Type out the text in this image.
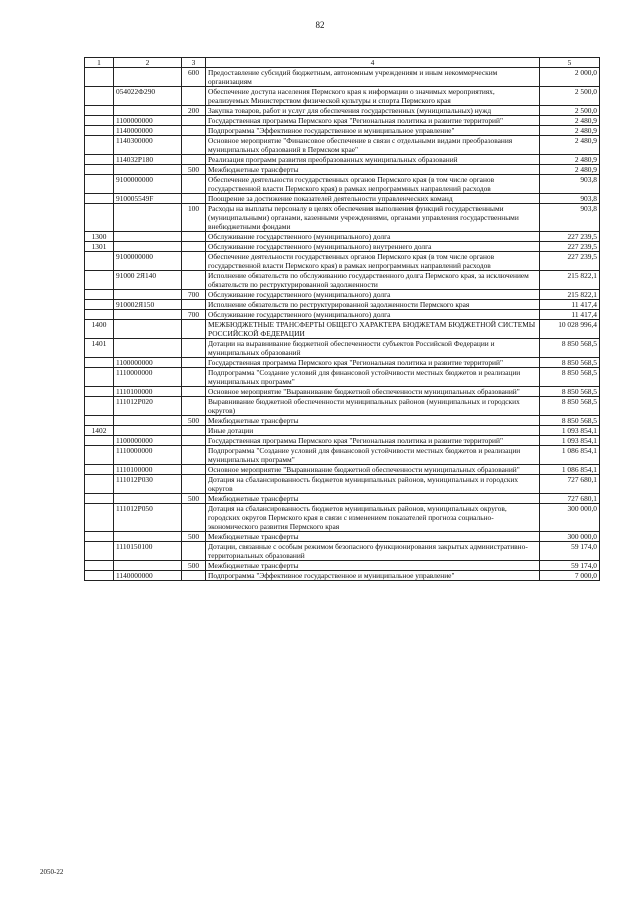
82
1	2	3	4	5
		600	Предоставление субсидий бюджетным, автономным учреждениям и иным некоммерческим организациям	2 000,0
	054022Ф290		Обеспечение доступа населения Пермского края к информации о значимых мероприятиях, реализуемых Министерством физической культуры и спорта Пермского края	2 500,0
		200	Закупка товаров, работ и услуг для обеспечения государственных (муниципальных) нужд	2 500,0
	1100000000		Государственная программа Пермского края "Региональная политика и развитие территорий"	2 480,9
	1140000000		Подпрограмма "Эффективное государственное и муниципальное управление"	2 480,9
	1140300000		Основное мероприятие "Финансовое обеспечение в связи с отдельными видами преобразования муниципальных образований в Пермском крае"	2 480,9
	114032Р180		Реализация программ развития преобразованных муниципальных образований	2 480,9
		500	Межбюджетные трансферты	2 480,9
	9100000000		Обеспечение деятельности государственных органов Пермского края (в том числе органов государственной власти Пермского края) в рамках непрограммных направлений расходов	903,8
	910005549F		Поощрение за достижение показателей деятельности управленческих команд	903,8
		100	Расходы на выплаты персоналу в целях обеспечения выполнения функций государственными (муниципальными) органами, казенными учреждениями, органами управления государственными внебюджетными фондами	903,8
1300			Обслуживание государственного (муниципального) долга	227 239,5
1301			Обслуживание государственного (муниципального) внутреннего долга	227 239,5
	9100000000		Обеспечение деятельности государственных органов Пермского края (в том числе органов государственной власти Пермского края) в рамках непрограммных направлений расходов	227 239,5
	91000 2Я140		Исполнение обязательств по обслуживанию государственного долга Пермского края, за исключением обязательств по реструктурированной задолженности	215 822,1
		700	Обслуживание государственного (муниципального) долга	215 822,1
	910002Я150		Исполнение обязательств по реструктурированной задолженности Пермского края	11 417,4
		700	Обслуживание государственного (муниципального) долга	11 417,4
1400			МЕЖБЮДЖЕТНЫЕ ТРАНСФЕРТЫ ОБЩЕГО ХАРАКТЕРА БЮДЖЕТАМ БЮДЖЕТНОЙ СИСТЕМЫ РОССИЙСКОЙ ФЕДЕРАЦИИ	10 028 996,4
1401			Дотации на выравнивание бюджетной обеспеченности субъектов Российской Федерации и муниципальных образований	8 850 568,5
	1100000000		Государственная программа Пермского края "Региональная политика и развитие территорий"	8 850 568,5
	1110000000		Подпрограмма "Создание условий для финансовой устойчивости местных бюджетов и реализации муниципальных программ"	8 850 568,5
	1110100000		Основное мероприятие "Выравнивание бюджетной обеспеченности муниципальных образований"	8 850 568,5
	111012Р020		Выравнивание бюджетной обеспеченности муниципальных районов (муниципальных и городских округов)	8 850 568,5
		500	Межбюджетные трансферты	8 850 568,5
1402			Иные дотации	1 093 854,1
	1100000000		Государственная программа Пермского края "Региональная политика и развитие территорий"	1 093 854,1
	1110000000		Подпрограмма "Создание условий для финансовой устойчивости местных бюджетов и реализации муниципальных программ"	1 086 854,1
	1110100000		Основное мероприятие "Выравнивание бюджетной обеспеченности муниципальных образований"	1 086 854,1
	111012Р030		Дотация на сбалансированность бюджетов муниципальных районов, муниципальных и городских округов	727 680,1
		500	Межбюджетные трансферты	727 680,1
	111012Р050		Дотация на сбалансированность бюджетов муниципальных районов, муниципальных округов, городских округов Пермского края в связи с изменением показателей прогноза социально-экономического развития Пермского края	300 000,0
		500	Межбюджетные трансферты	300 000,0
	1110150100		Дотации, связанные с особым режимом безопасного функционирования закрытых административно-территориальных образований	59 174,0
		500	Межбюджетные трансферты	59 174,0
	1140000000		Подпрограмма "Эффективное государственное и муниципальное управление"	7 000,0
2050-22
